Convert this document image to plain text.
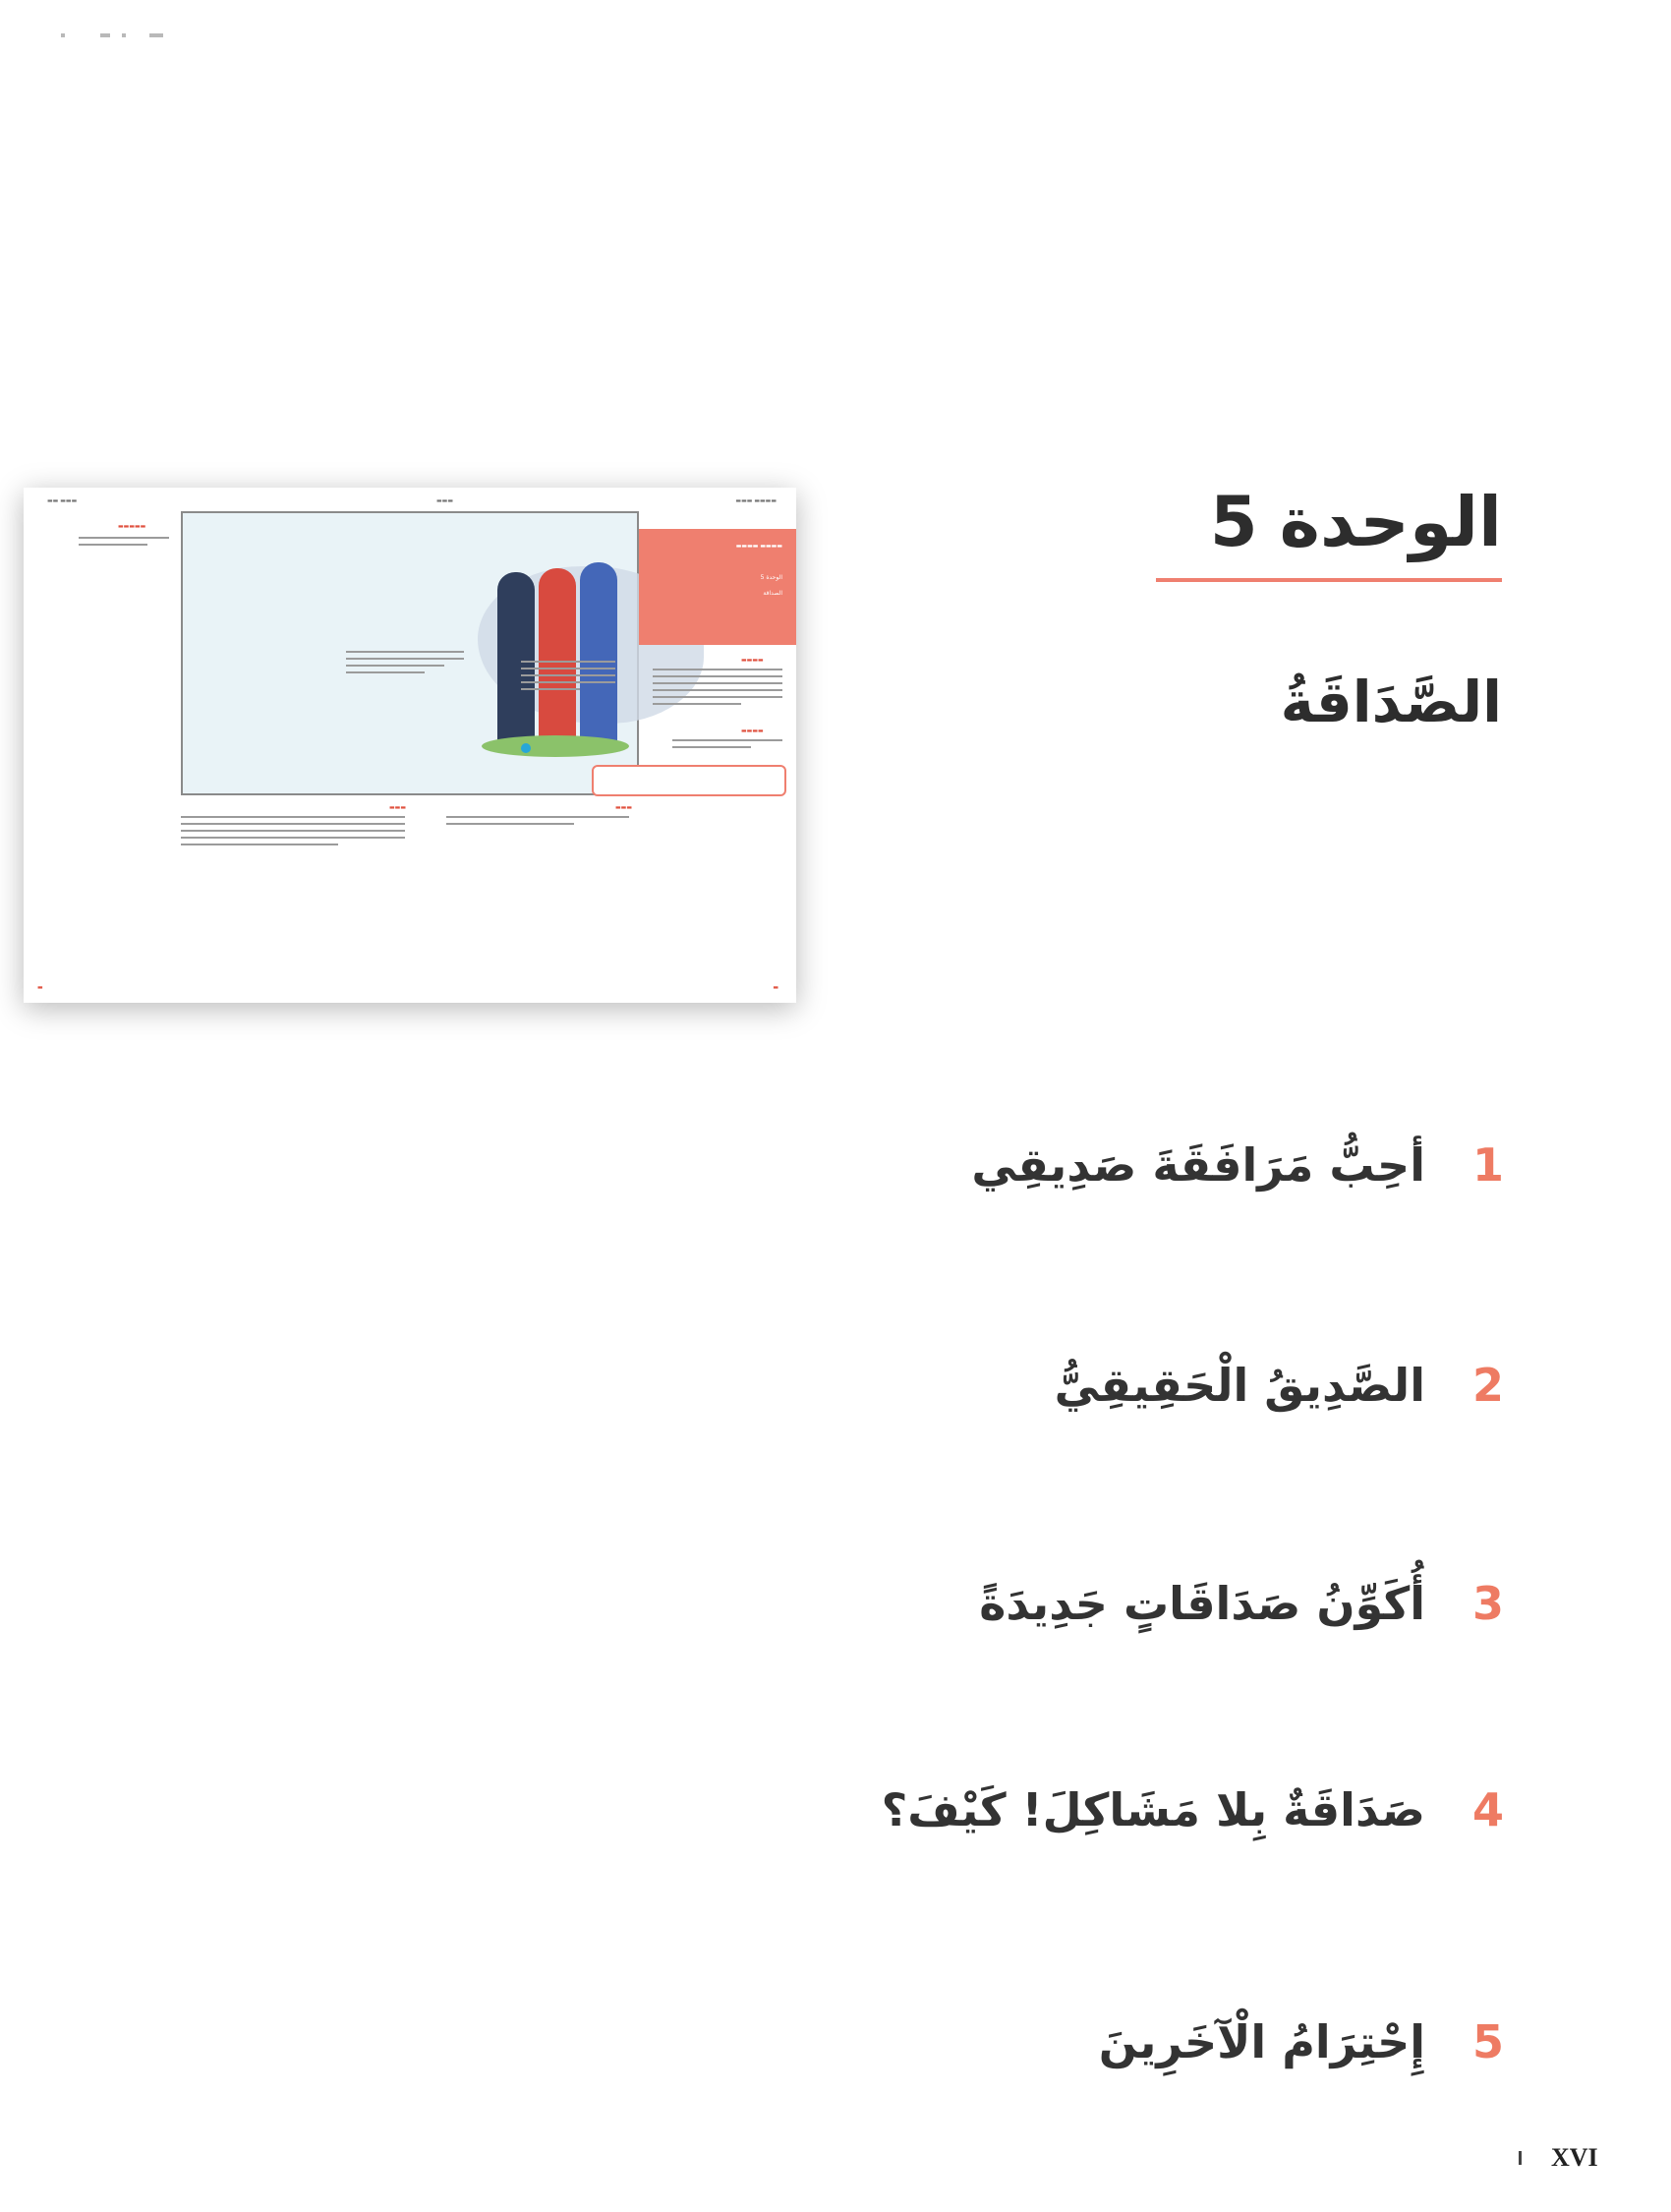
▬▬ ▬▬▬	▬▬▬	▬▬▬ ▬▬▬▬
▬▬▬▬▬
▬▬▬▬ ▬▬▬▬
الوحدة 5
الصداقة
▬▬▬▬
▬▬▬▬
▬▬▬	▬▬▬
▬	▬
الوحدة5
الصَّدَاقَةُ
1أحِبُّ مَرَافَقَةَ صَدِيقِي
2الصَّدِيقُ الْحَقِيقِيُّ
3أُكَوِّنُ صَدَاقَاتٍ جَدِيدَةً
4صَدَاقَةٌ بِلا مَشَاكِلَ! كَيْفَ؟
5إِحْتِرَامُ الْآخَرِينَ
XVI
